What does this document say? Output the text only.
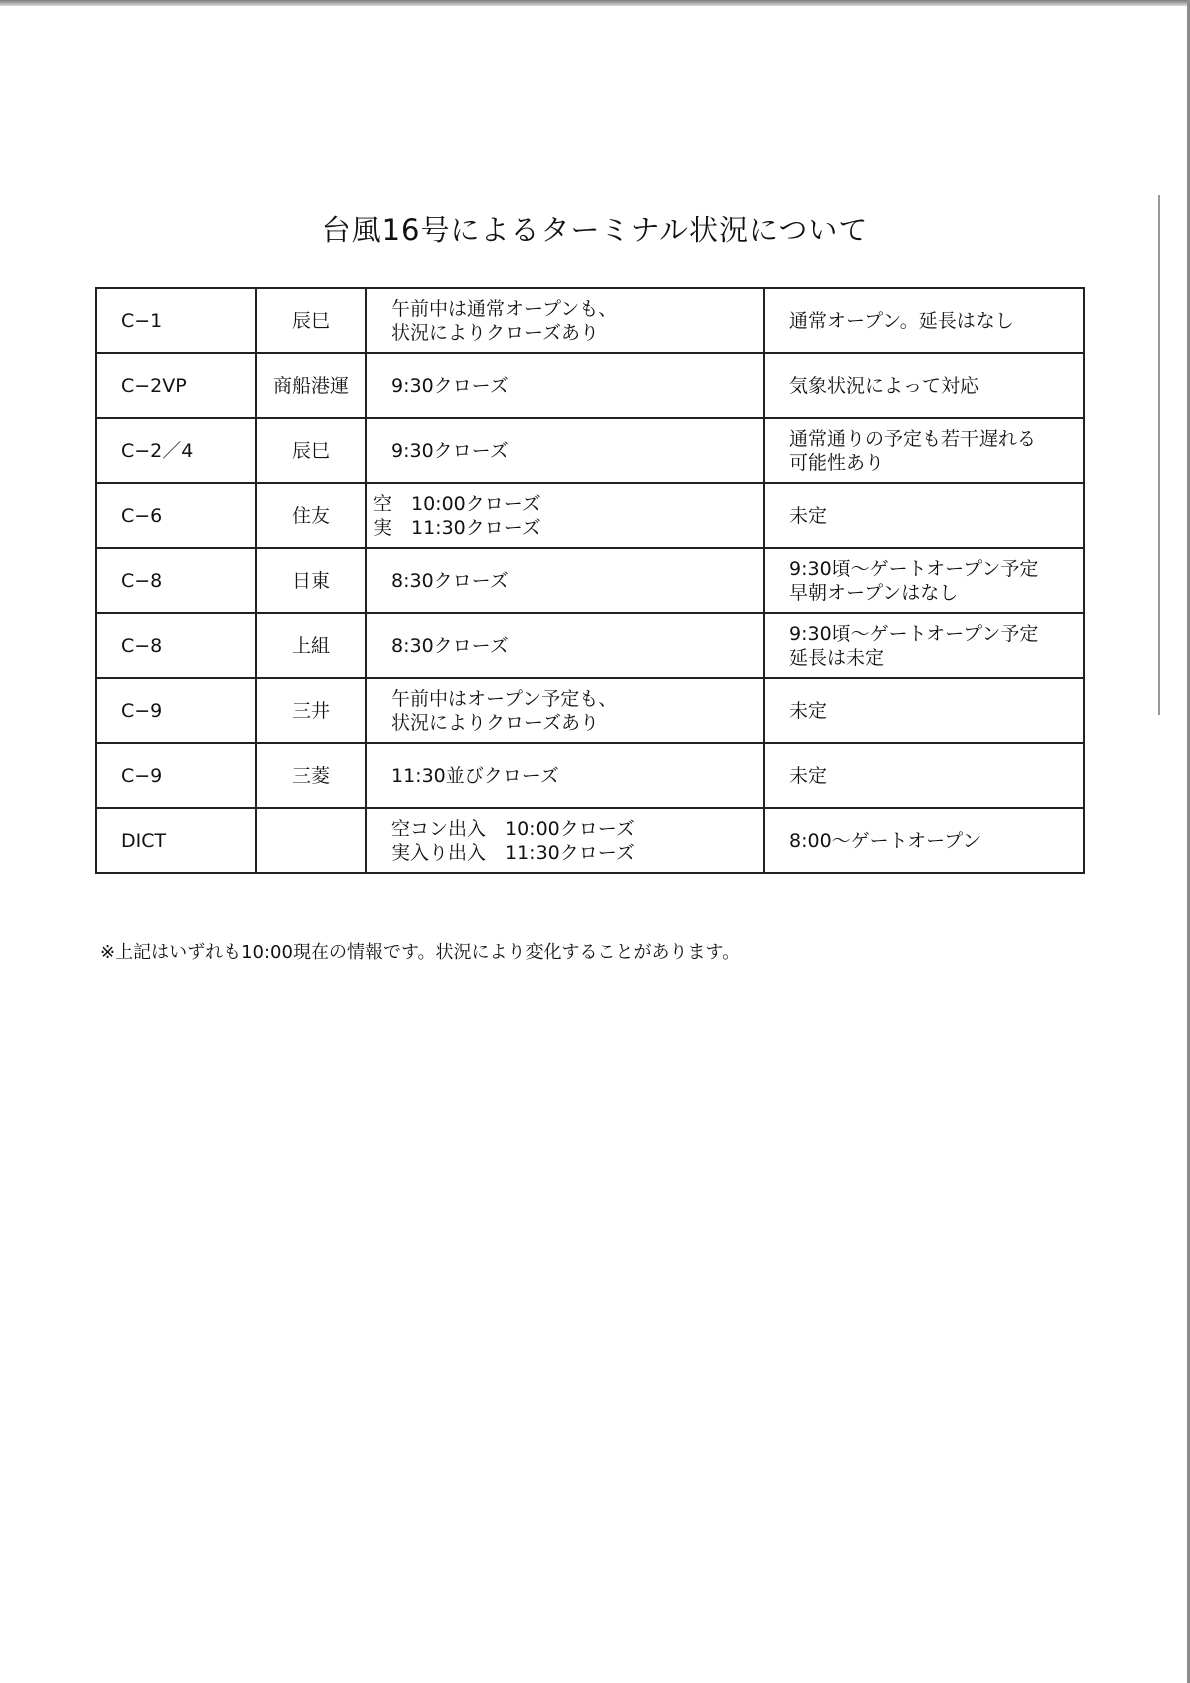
台風16号によるターミナル状況について
C−1	辰巳	午前中は通常オープンも、
状況によりクローズあり	通常オープン。延長はなし

C−2VP	商船港運	9:30クローズ	気象状況によって対応

C−2／4	辰巳	9:30クローズ	通常通りの予定も若干遅れる
可能性あり

C−6	住友	空　10:00クローズ
実　11:30クローズ	未定

C−8	日東	8:30クローズ	9:30頃～ゲートオープン予定
早朝オープンはなし

C−8	上組	8:30クローズ	9:30頃～ゲートオープン予定
延長は未定

C−9	三井	午前中はオープン予定も、
状況によりクローズあり	未定

C−9	三菱	11:30並びクローズ	未定

DICT		空コン出入　10:00クローズ
実入り出入　11:30クローズ	8:00～ゲートオープン

※上記はいずれも10:00現在の情報です。状況により変化することがあります。
